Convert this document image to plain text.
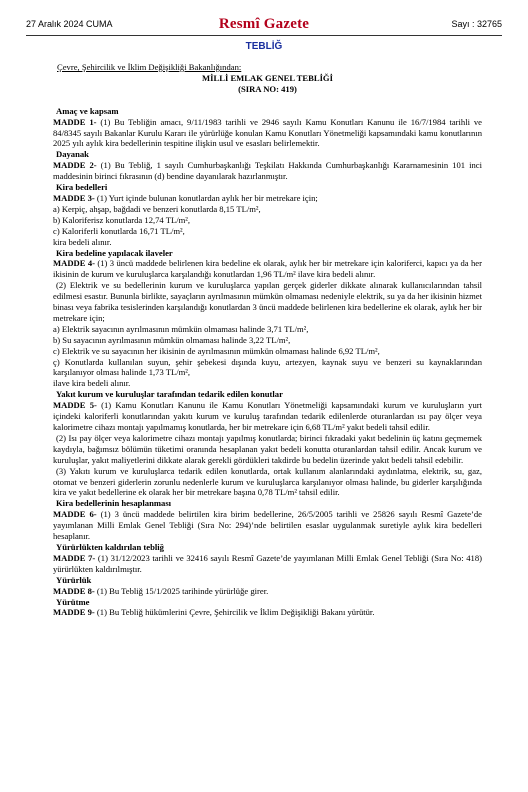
27 Aralık 2024 CUMA	Resmî Gazete	Sayı : 32765
TEBLİĞ
Çevre, Şehircilik ve İklim Değişikliği Bakanlığından:
MİLLİ EMLAK GENEL TEBLİĞİ
(SIRA NO: 419)
Amaç ve kapsam
MADDE 1- (1) Bu Tebliğin amacı, 9/11/1983 tarihli ve 2946 sayılı Kamu Konutları Kanunu ile 16/7/1984 tarihli ve 84/8345 sayılı Bakanlar Kurulu Kararı ile yürürlüğe konulan Kamu Konutları Yönetmeliği kapsamındaki kamu konutlarının 2025 yılı aylık kira bedellerinin tespitine ilişkin usul ve esasları belirlemektir.
Dayanak
MADDE 2- (1) Bu Tebliğ, 1 sayılı Cumhurbaşkanlığı Teşkilatı Hakkında Cumhurbaşkanlığı Kararnamesinin 101 inci maddesinin birinci fıkrasının (d) bendine dayanılarak hazırlanmıştır.
Kira bedelleri
MADDE 3- (1) Yurt içinde bulunan konutlardan aylık her bir metrekare için;
a) Kerpiç, ahşap, bağdadi ve benzeri konutlarda 8,15 TL/m²,
b) Kaloriferisz konutlarda 12,74 TL/m²,
c) Kaloriferli konutlarda 16,71 TL/m²,
kira bedeli alınır.
Kira bedeline yapılacak ilaveler
MADDE 4- (1) 3 üncü maddede belirlenen kira bedeline ek olarak, aylık her bir metrekare için kaloriferci, kapıcı ya da her ikisinin de kurum ve kuruluşlarca karşılandığı konutlardan 1,96 TL/m² ilave kira bedeli alınır.
(2) Elektrik ve su bedellerinin kurum ve kuruluşlarca yapılan gerçek giderler dikkate alınarak kullanıcılarından tahsil edilmesi esastır. Bununla birlikte, sayaçların ayrılmasının mümkün olmaması nedeniyle elektrik, su ya da her ikisinin hizmet binası veya fabrika tesislerinden karşılandığı konutlardan 3 üncü maddede belirlenen kira bedellerine ek olarak, aylık her bir metrekare için;
a) Elektrik sayacının ayrılmasının mümkün olmaması halinde 3,71 TL/m²,
b) Su sayacının ayrılmasının mümkün olmaması halinde 3,22 TL/m²,
c) Elektrik ve su sayacının her ikisinin de ayrılmasının mümkün olmaması halinde 6,92 TL/m²,
ç) Konutlarda kullanılan suyun, şehir şebekesi dışında kuyu, artezyen, kaynak suyu ve benzeri su kaynaklarından karşılanıyor olması halinde 1,73 TL/m²,
ilave kira bedeli alınır.
Yakıt kurum ve kuruluşlar tarafından tedarik edilen konutlar
MADDE 5- (1) Kamu Konutları Kanunu ile Kamu Konutları Yönetmeliği kapsamındaki kurum ve kuruluşların yurt içindeki kaloriferli konutlarından yakıtı kurum ve kuruluş tarafından tedarik edilenlerde oturanlardan ısı pay ölçer veya kalorimetre cihazı montajı yapılmamış konutlarda, her bir metrekare için 6,68 TL/m² yakıt bedeli tahsil edilir.
(2) Isı pay ölçer veya kalorimetre cihazı montajı yapılmış konutlarda; birinci fıkradaki yakıt bedelinin üç katını geçmemek kaydıyla, bağımsız bölümün tüketimi oranında hesaplanan yakıt bedeli konutta oturanlardan tahsil edilir. Ancak kurum ve kuruluşlar, yakıt maliyetlerini dikkate alarak gerekli gördükleri takdirde bu bedelin üzerinde yakıt bedeli tahsil edebilir.
(3) Yakıtı kurum ve kuruluşlarca tedarik edilen konutlarda, ortak kullanım alanlarındaki aydınlatma, elektrik, su, gaz, otomat ve benzeri giderlerin zorunlu nedenlerle kurum ve kuruluşlarca karşılanıyor olması halinde, bu giderler karşılığında kira ve yakıt bedellerine ek olarak her bir metrekare başına 0,78 TL/m² tahsil edilir.
Kira bedellerinin hesaplanması
MADDE 6- (1) 3 üncü maddede belirtilen kira birim bedellerine, 26/5/2005 tarihli ve 25826 sayılı Resmî Gazete’de yayımlanan Milli Emlak Genel Tebliği (Sıra No: 294)’nde belirtilen esaslar uygulanmak suretiyle aylık kira bedelleri hesaplanır.
Yürürlükten kaldırılan tebliğ
MADDE 7- (1) 31/12/2023 tarihli ve 32416 sayılı Resmî Gazete’de yayımlanan Milli Emlak Genel Tebliği (Sıra No: 418) yürürlükten kaldırılmıştır.
Yürürlük
MADDE 8- (1) Bu Tebliğ 15/1/2025 tarihinde yürürlüğe girer.
Yürütme
MADDE 9- (1) Bu Tebliğ hükümlerini Çevre, Şehircilik ve İklim Değişikliği Bakanı yürütür.
